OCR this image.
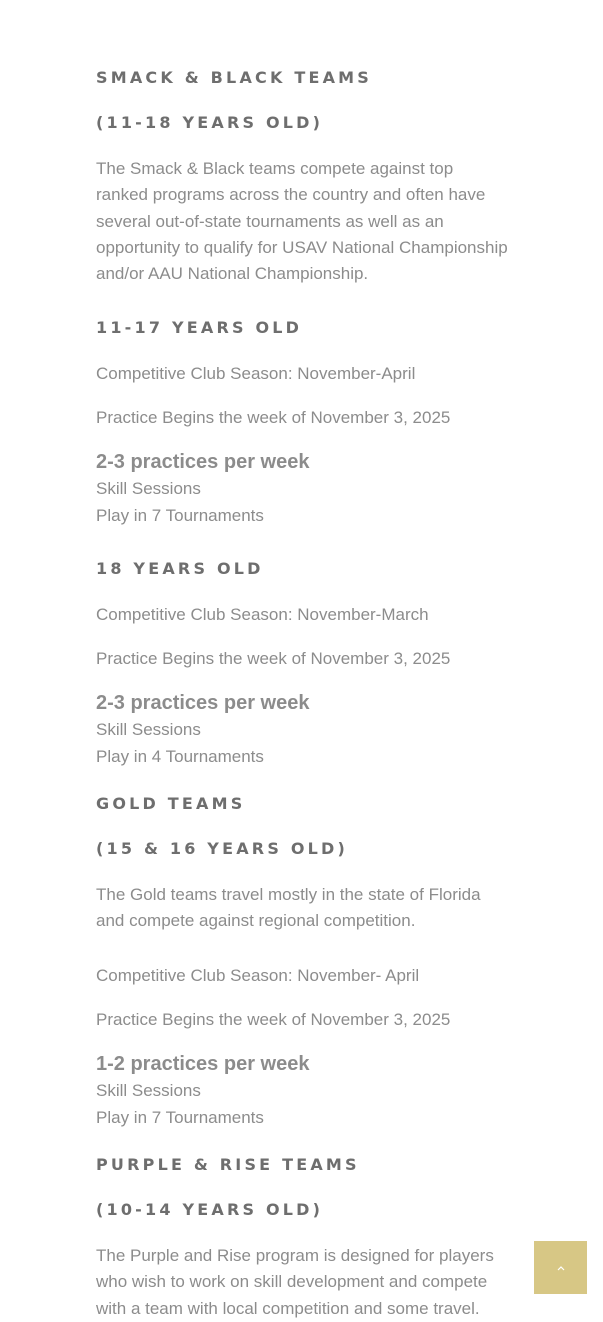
SMACK & BLACK TEAMS
(11-18 YEARS OLD)
The Smack & Black teams compete against top ranked programs across the country and often have several out-of-state tournaments as well as an opportunity to qualify for USAV National Championship and/or AAU National Championship.
11-17 YEARS OLD
Competitive Club Season: November-April
Practice Begins the week of November 3, 2025
2-3 practices per week
Skill Sessions
Play in 7 Tournaments
18 YEARS OLD
Competitive Club Season: November-March
Practice Begins the week of November 3, 2025
2-3 practices per week
Skill Sessions
Play in 4 Tournaments
GOLD TEAMS
(15 & 16 YEARS OLD)
The Gold teams travel mostly in the state of Florida and compete against regional competition.
Competitive Club Season: November- April
Practice Begins the week of November 3, 2025
1-2 practices per week
Skill Sessions
Play in 7 Tournaments
PURPLE & RISE TEAMS
(10-14 YEARS OLD)
The Purple and Rise program is designed for players who wish to work on skill development and compete with a team with local competition and some travel.
